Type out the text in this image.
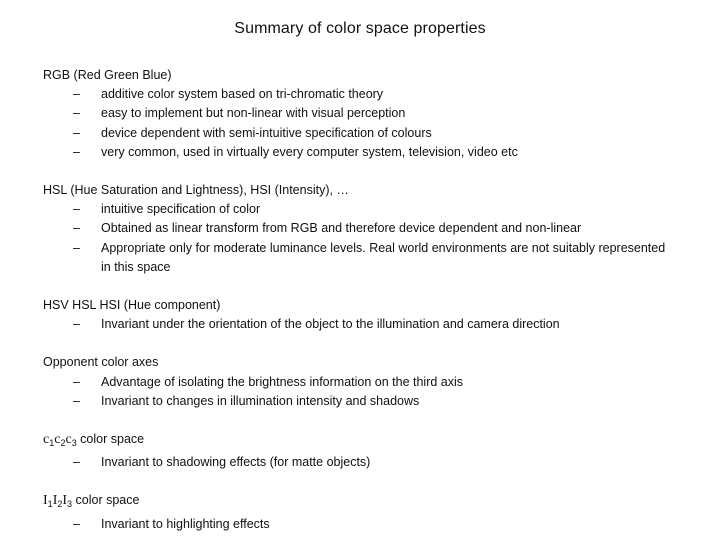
Summary of color space properties
RGB (Red Green Blue)
– additive color system based on tri-chromatic theory
– easy to implement but non-linear with visual perception
– device dependent with semi-intuitive specification of colours
– very common, used in virtually every computer system, television, video etc
HSL (Hue Saturation and Lightness), HSI (Intensity), …
– intuitive specification of color
– Obtained as linear transform from RGB and therefore device dependent and non-linear
– Appropriate only for moderate luminance levels. Real world environments are not suitably represented in this space
HSV HSL HSI (Hue component)
– Invariant under the orientation of the object to the illumination and camera direction
Opponent color axes
– Advantage of isolating the brightness information on the third axis
– Invariant to changes in illumination intensity and shadows
$c_1c_2c_3$ color space
– Invariant to shadowing effects (for matte objects)
$I_1I_2I_3$ color space
– Invariant to highlighting effects
